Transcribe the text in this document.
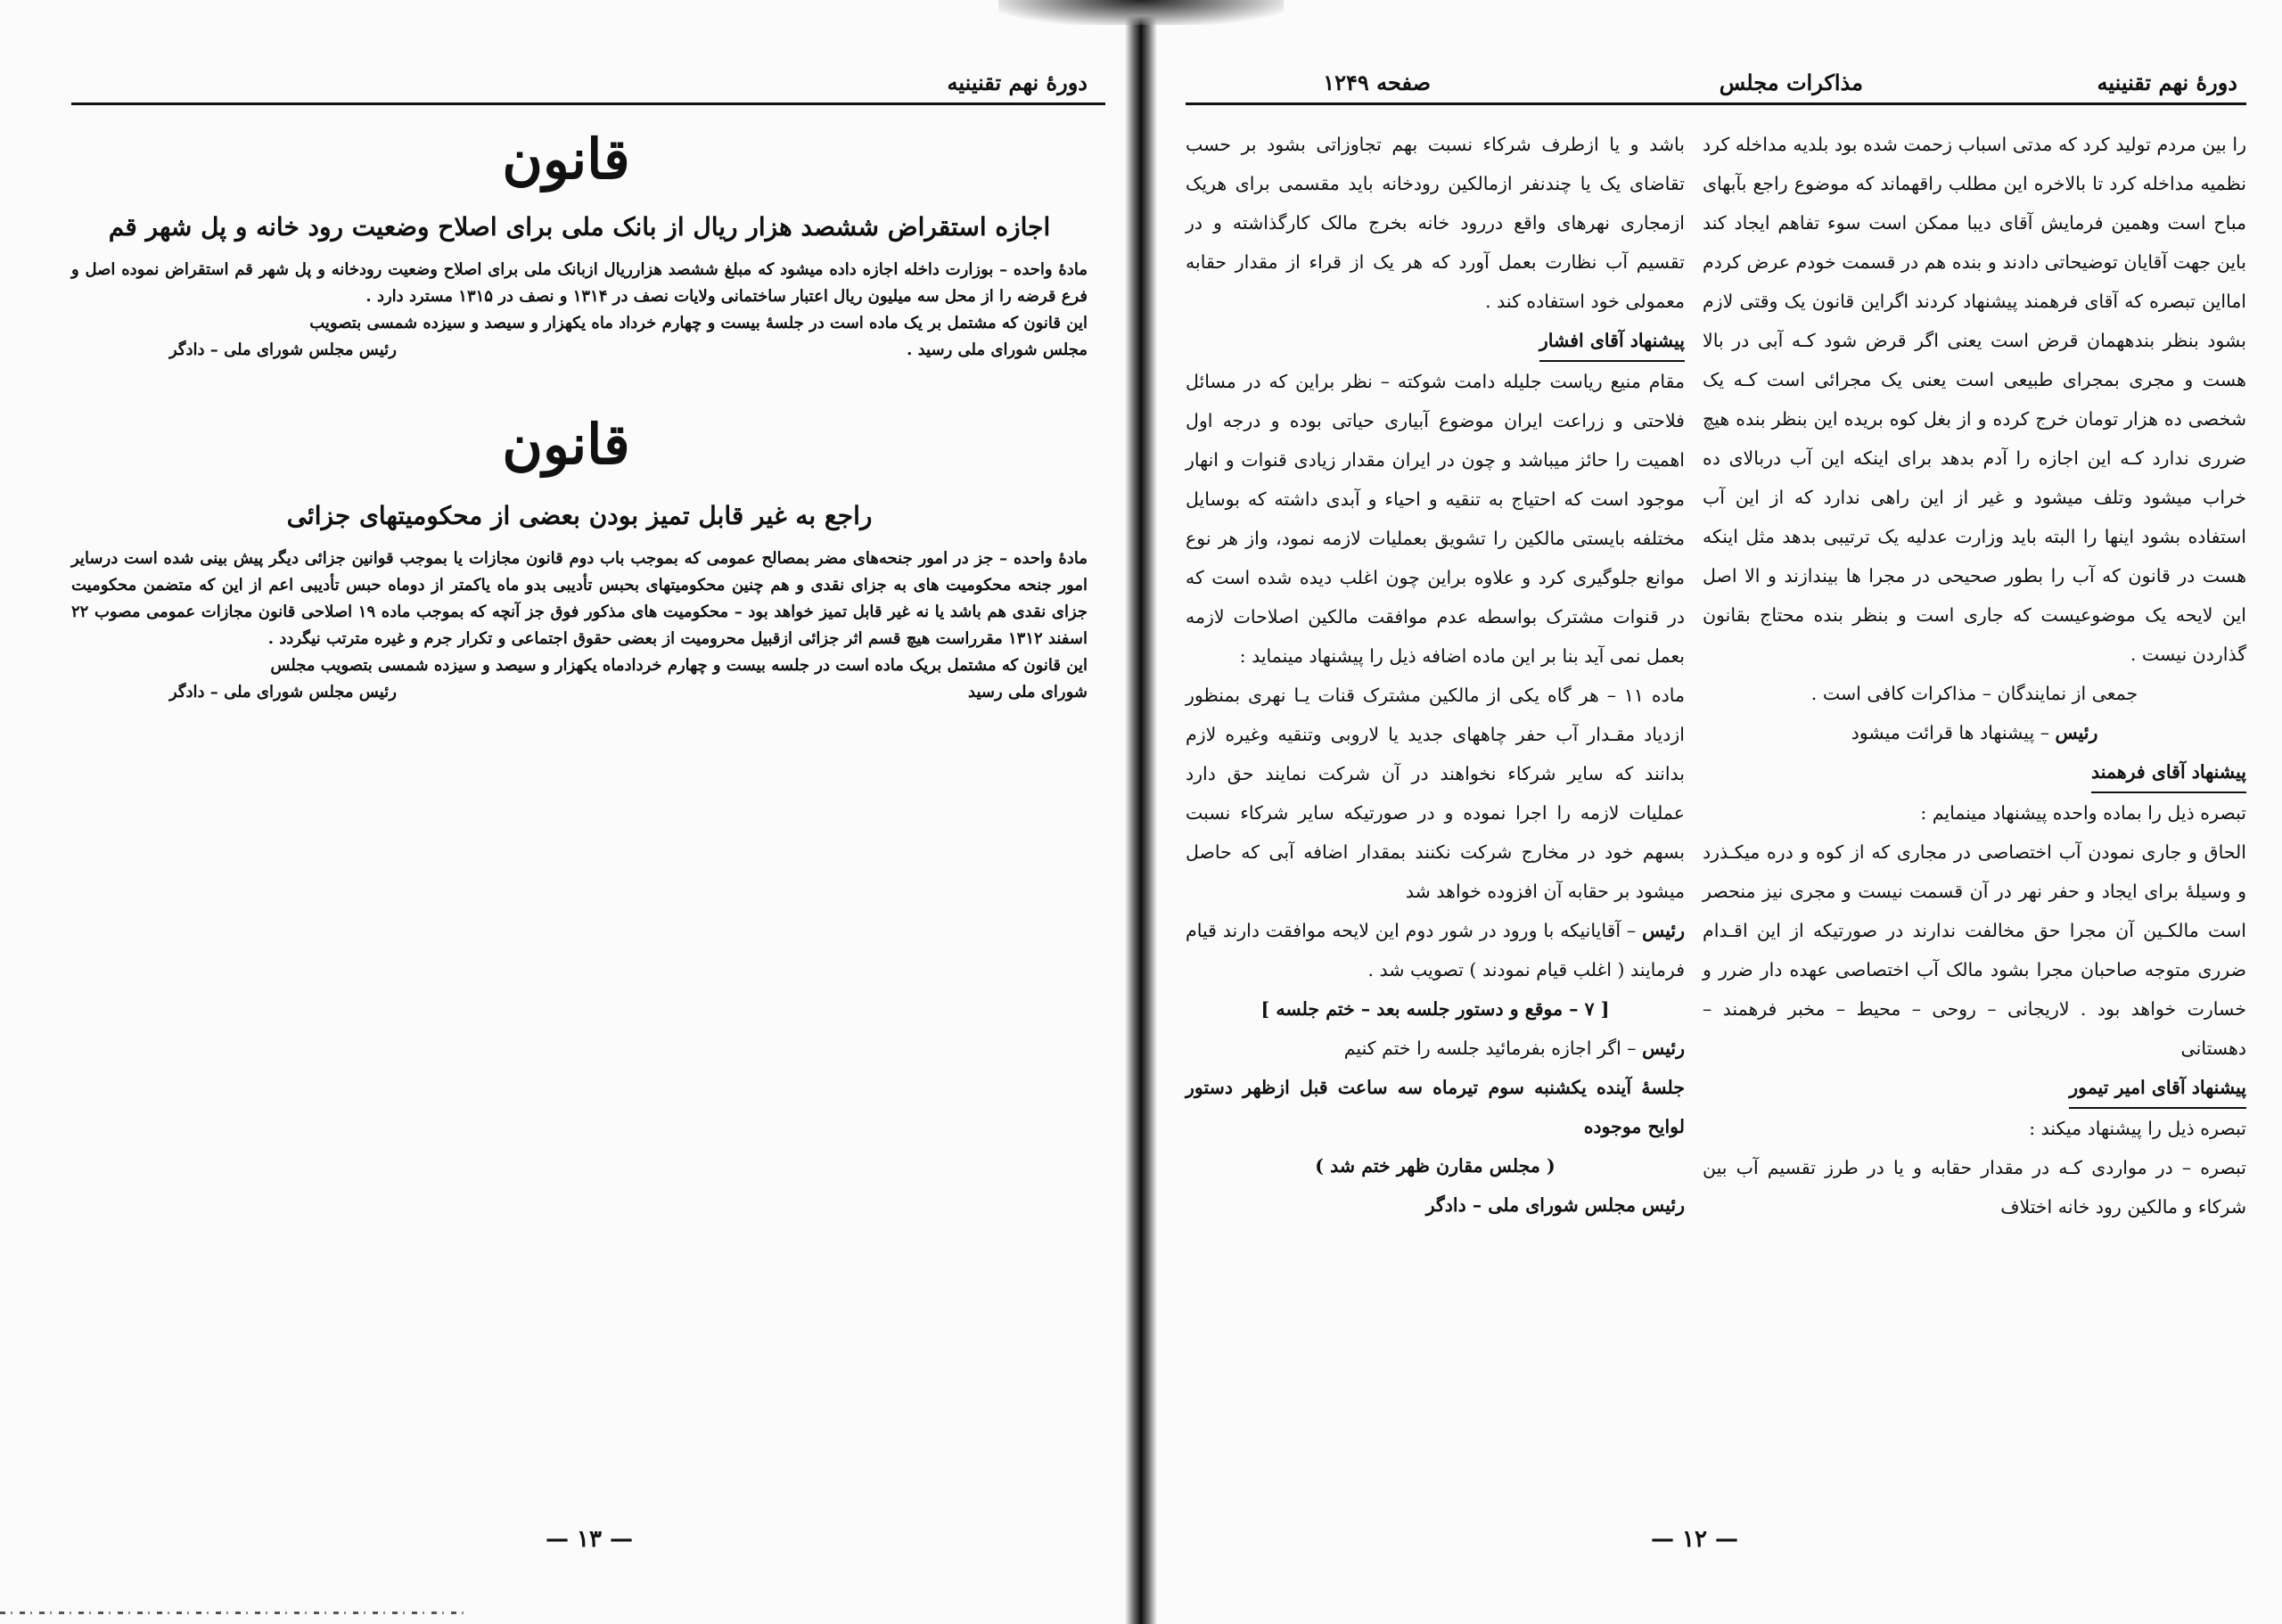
دورهٔ نهم تقنینیه
قانون
اجازه استقراض ششصد هزار ریال از بانک ملی برای اصلاح وضعیت رود خانه و پل شهر قم

مادهٔ واحده – بوزارت داخله اجازه داده میشود که مبلغ ششصد هزارریال ازبانک ملی برای اصلاح وضعیت رودخانه و پل شهر قم استقراض نموده اصل و فرع قرضه را از محل سه میلیون ریال اعتبار ساختمانی ولایات نصف در ۱۳۱۴ و نصف در ۱۳۱۵ مسترد دارد .

این قانون که مشتمل بر یک ماده است در جلسهٔ بیست و چهارم خرداد ماه یکهزار و سیصد و سیزده شمسی بتصویب

مجلس شورای ملی رسید .
رئیس مجلس شورای ملی – دادگر
قانون
راجع به غیر قابل تمیز بودن بعضی از محکومیتهای جزائی

مادهٔ واحده – جز در امور جنحه‌های مضر بمصالح عمومی که بموجب باب دوم قانون مجازات یا بموجب قوانین جزائی دیگر پیش بینی شده است درسایر امور جنحه محکومیت های به جزای نقدی و هم چنین محکومیتهای بحبس تأدیبی بدو ماه یاکمتر از دوماه حبس تأدیبی اعم از این که متضمن محکومیت جزای نقدی هم باشد یا نه غیر قابل تمیز خواهد بود – محکومیت های مذکور فوق جز آنچه که بموجب ماده ۱۹ اصلاحی قانون مجازات عمومی مصوب ۲۲ اسفند ۱۳۱۲ مقرراست هیچ قسم اثر جزائی ازقبیل محرومیت از بعضی حقوق اجتماعی و تکرار جرم و غیره مترتب نیگردد .

این قانون که مشتمل بریک ماده است در جلسه بیست و چهارم خردادماه یکهزار و سیصد و سیزده شمسی بتصویب مجلس

شورای ملی رسید
رئیس مجلس شورای ملی – دادگر
— ۱۳ —
دورهٔ نهم تقنینیه
مذاکرات مجلس
صفحه ۱۲۴۹

را بین مردم تولید کرد که مدتی اسباب زحمت شده بود بلدیه مداخله کرد نظمیه مداخله کرد تا بالاخره این مطلب راقهماند که موضوع راجع بآبهای مباح است وهمین فرمایش آقای دیبا ممکن است سوء تفاهم ایجاد کند باین جهت آقایان توضیحاتی دادند و بنده هم در قسمت خودم عرض کردم امااین تبصره که آقای فرهمند پیشنهاد کردند اگراین قانون یک وقتی لازم بشود بنظر بندههمان قرض است یعنی اگر قرض شود کـه آبی در بالا هست و مجری بمجرای طبیعی است یعنی یک مجرائی است کـه یک شخصی ده هزار تومان خرج کرده و از بغل کوه بریده این بنظر بنده هیچ ضرری ندارد کـه این اجازه را آدم بدهد برای اینکه این آب دربالای ده خراب میشود وتلف میشود و غیر از این راهی ندارد که از این آب استفاده بشود اینها را البته باید وزارت عدلیه یک ترتیبی بدهد مثل اینکه هست در قانون که آب را بطور صحیحی در مجرا ها بیندازند و الا اصل این لایحه یک موضوعیست که جاری است و بنظر بنده محتاج بقانون گذاردن نیست .

جمعی از نمایندگان – مذاکرات کافی است .

رئیس – پیشنهاد ها قرائت میشود

پیشنهاد آقای فرهمند

تبصره ذیل را بماده واحده پیشنهاد مینمایم :

الحاق و جاری نمودن آب اختصاصی در مجاری که از کوه و دره میکـذرد و وسیلهٔ برای ایجاد و حفر نهر در آن قسمت نیست و مجری نیز منحصر است مالکـین آن مجرا حق مخالفت ندارند در صورتیکه از این اقـدام ضرری متوجه صاحبان مجرا بشود مالک آب اختصاصی عهده دار ضرر و خسارت خواهد بود . لاریجانی – روحی – محیط – مخبر فرهمند – دهستانی

پیشنهاد آقای امیر تیمور

تبصره ذیل را پیشنهاد میکند :

تبصره – در مواردی کـه در مقدار حقابه و یا در طرز تقسیم آب بین شرکاء و مالکین رود خانه اختلاف

باشد و یا ازطرف شرکاء نسبت بهم تجاوزاتی بشود بر حسب تقاضای یک یا چندنفر ازمالکین رودخانه باید مقسمی برای هریک ازمجاری نهرهای واقع دررود خانه بخرج مالک کارگذاشته و در تقسیم آب نظارت بعمل آورد که هر یک از قراء از مقدار حقابه معمولی خود استفاده کند .

پیشنهاد آقای افشار

مقام منیع ریاست جلیله دامت شوکته – نظر براین که در مسائل فلاحتی و زراعت ایران موضوع آبیاری حیاتی بوده و درجه اول اهمیت را حائز میباشد و چون در ایران مقدار زیادی قنوات و انهار موجود است که احتیاج به تنقیه و احیاء و آبدی داشته که بوسایل مختلفه بایستی مالکین را تشویق بعملیات لازمه نمود، واز هر نوع موانع جلوگیری کرد و علاوه براین چون اغلب دیده شده است که در قنوات مشترک بواسطه عدم موافقت مالکین اصلاحات لازمه بعمل نمی آید بنا بر این ماده اضافه ذیل را پیشنهاد مینماید :

ماده ۱۱ – هر گاه یکی از مالکین مشترک قنات یـا نهری بمنظور ازدیاد مقـدار آب حفر چاههای جدید یا لاروبی وتنقیه وغیره لازم بدانند که سایر شرکاء نخواهند در آن شرکت نمایند حق دارد عملیات لازمه را اجرا نموده و در صورتیکه سایر شرکاء نسبت بسهم خود در مخارج شرکت نکنند بمقدار اضافه آبی که حاصل میشود بر حقابه آن افزوده خواهد شد

رئیس – آقایانیکه با ورود در شور دوم این لایحه موافقت دارند قیام فرمایند ( اغلب قیام نمودند ) تصویب شد .

[ ۷ – موقع و دستور جلسه بعد – ختم جلسه ]

رئیس – اگر اجازه بفرمائید جلسه را ختم کنیم

جلسهٔ آینده یکشنبه سوم تیرماه سه ساعت قبل ازظهر دستور لوایح موجوده

( مجلس مقارن ظهر ختم شد )

رئیس مجلس شورای ملی – دادگر

— ۱۲ —
